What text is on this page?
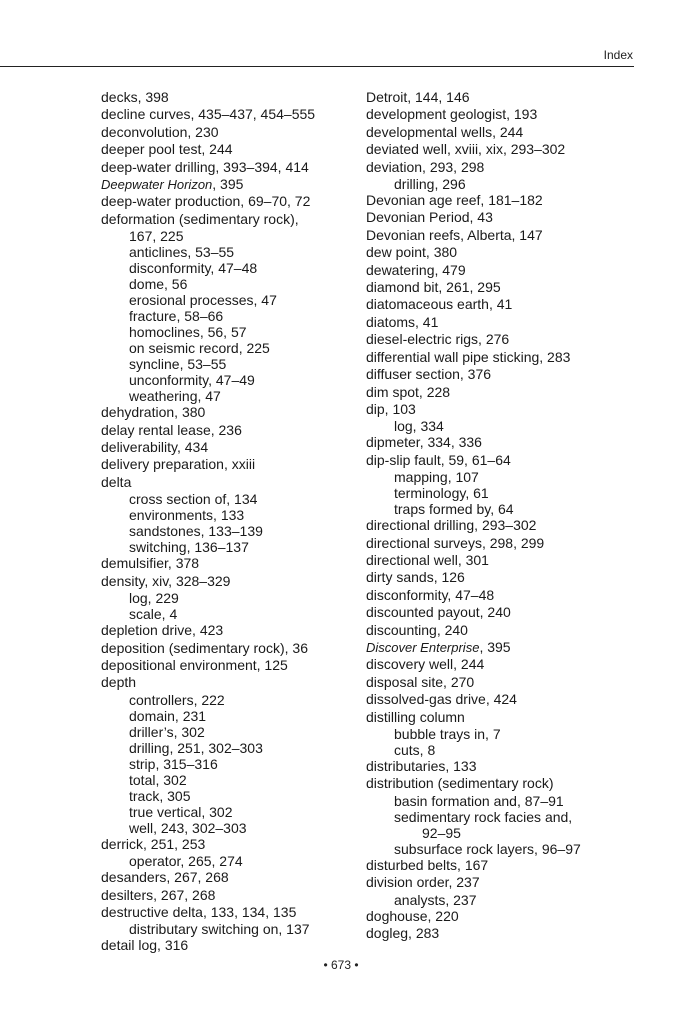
Index
decks, 398
decline curves, 435–437, 454–555
deconvolution, 230
deeper pool test, 244
deep-water drilling, 393–394, 414
Deepwater Horizon, 395
deep-water production, 69–70, 72
deformation (sedimentary rock),
167, 225
anticlines, 53–55
disconformity, 47–48
dome, 56
erosional processes, 47
fracture, 58–66
homoclines, 56, 57
on seismic record, 225
syncline, 53–55
unconformity, 47–49
weathering, 47
dehydration, 380
delay rental lease, 236
deliverability, 434
delivery preparation, xxiii
delta
cross section of, 134
environments, 133
sandstones, 133–139
switching, 136–137
demulsifier, 378
density, xiv, 328–329
log, 229
scale, 4
depletion drive, 423
deposition (sedimentary rock), 36
depositional environment, 125
depth
controllers, 222
domain, 231
driller’s, 302
drilling, 251, 302–303
strip, 315–316
total, 302
track, 305
true vertical, 302
well, 243, 302–303
derrick, 251, 253
operator, 265, 274
desanders, 267, 268
desilters, 267, 268
destructive delta, 133, 134, 135
distributary switching on, 137
detail log, 316
Detroit, 144, 146
development geologist, 193
developmental wells, 244
deviated well, xviii, xix, 293–302
deviation, 293, 298
drilling, 296
Devonian age reef, 181–182
Devonian Period, 43
Devonian reefs, Alberta, 147
dew point, 380
dewatering, 479
diamond bit, 261, 295
diatomaceous earth, 41
diatoms, 41
diesel-electric rigs, 276
differential wall pipe sticking, 283
diffuser section, 376
dim spot, 228
dip, 103
log, 334
dipmeter, 334, 336
dip-slip fault, 59, 61–64
mapping, 107
terminology, 61
traps formed by, 64
directional drilling, 293–302
directional surveys, 298, 299
directional well, 301
dirty sands, 126
disconformity, 47–48
discounted payout, 240
discounting, 240
Discover Enterprise, 395
discovery well, 244
disposal site, 270
dissolved-gas drive, 424
distilling column
bubble trays in, 7
cuts, 8
distributaries, 133
distribution (sedimentary rock)
basin formation and, 87–91
sedimentary rock facies and,
92–95
subsurface rock layers, 96–97
disturbed belts, 167
division order, 237
analysts, 237
doghouse, 220
dogleg, 283
• 673 •
